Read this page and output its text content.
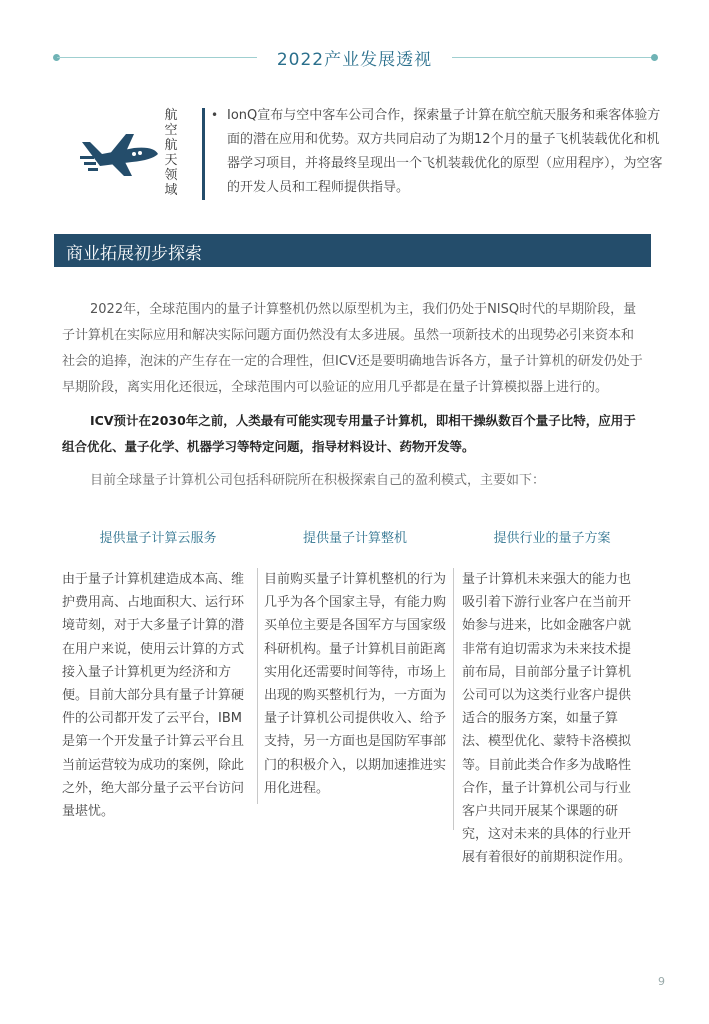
2022产业发展透视
航空航天领域
• IonQ宣布与空中客车公司合作，探索量子计算在航空航天服务和乘客体验方面的潜在应用和优势。双方共同启动了为期12个月的量子飞机装载优化和机器学习项目，并将最终呈现出一个飞机装载优化的原型（应用程序），为空客的开发人员和工程师提供指导。
商业拓展初步探索

2022年，全球范围内的量子计算整机仍然以原型机为主，我们仍处于NISQ时代的早期阶段，量子计算机在实际应用和解决实际问题方面仍然没有太多进展。虽然一项新技术的出现势必引来资本和社会的追捧，泡沫的产生存在一定的合理性，但ICV还是要明确地告诉各方，量子计算机的研发仍处于早期阶段，离实用化还很远，全球范围内可以验证的应用几乎都是在量子计算模拟器上进行的。

ICV预计在2030年之前，人类最有可能实现专用量子计算机，即相干操纵数百个量子比特，应用于组合优化、量子化学、机器学习等特定问题，指导材料设计、药物开发等。

目前全球量子计算机公司包括科研院所在积极探索自己的盈利模式，主要如下：

提供量子计算云服务	提供量子计算整机	提供行业的量子方案
由于量子计算机建造成本高、维护费用高、占地面积大、运行环境苛刻，对于大多量子计算的潜在用户来说，使用云计算的方式接入量子计算机更为经济和方便。目前大部分具有量子计算硬件的公司都开发了云平台，IBM是第一个开发量子计算云平台且当前运营较为成功的案例，除此之外，绝大部分量子云平台访问量堪忧。
目前购买量子计算机整机的行为几乎为各个国家主导，有能力购买单位主要是各国军方与国家级科研机构。量子计算机目前距离实用化还需要时间等待，市场上出现的购买整机行为，一方面为量子计算机公司提供收入、给予支持，另一方面也是国防军事部门的积极介入，以期加速推进实用化进程。
量子计算机未来强大的能力也吸引着下游行业客户在当前开始参与进来，比如金融客户就非常有迫切需求为未来技术提前布局，目前部分量子计算机公司可以为这类行业客户提供适合的服务方案，如量子算法、模型优化、蒙特卡洛模拟等。目前此类合作多为战略性合作，量子计算机公司与行业客户共同开展某个课题的研究，这对未来的具体的行业开展有着很好的前期积淀作用。
9
